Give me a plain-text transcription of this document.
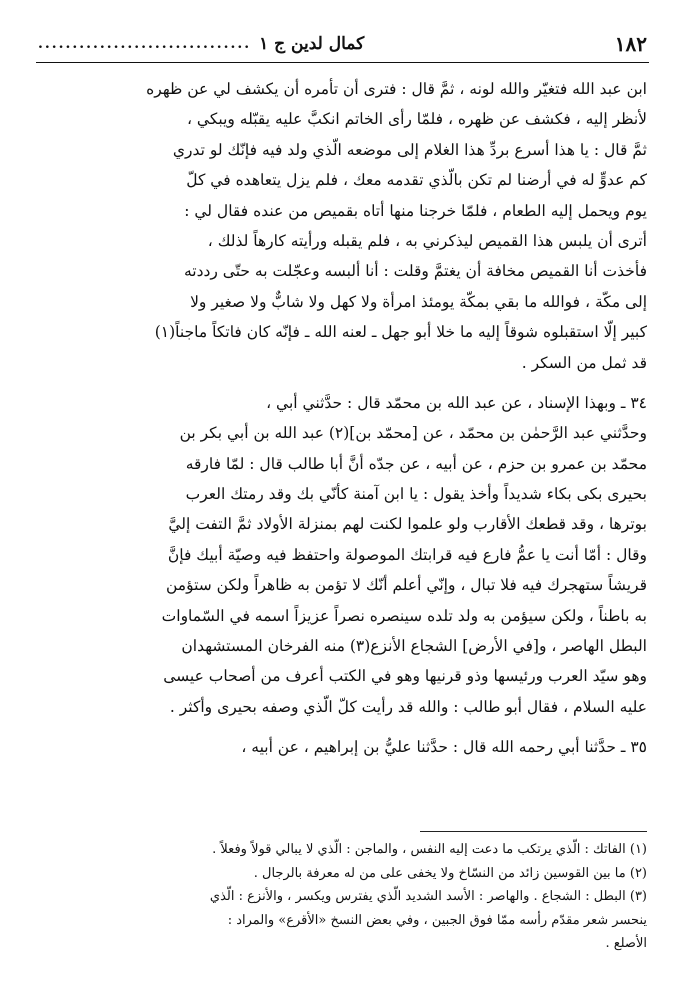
١٨٢
............................... كمال لدين ج ١
ابن عبد الله فتغيّر والله لونه ، ثمَّ قال : فترى أن تأمره أن يكشف لي عن ظهره
لأنظر إليه ، فكشف عن ظهره ، فلمّا رأى الخاتم انكبَّ عليه يقبّله ويبكي ،
ثمَّ قال : يا هذا أسرع بردِّ هذا الغلام إلى موضعه الّذي ولد فيه فإنّك لو تدري
كم عدوٍّ له في أرضنا لم تكن بالّذي تقدمه معك ، فلم يزل يتعاهده في كلّ
يوم ويحمل إليه الطعام ، فلمّا خرجنا منها أتاه بقميص من عنده فقال لي :
أترى أن يلبس هذا القميص ليذكرني به ، فلم يقبله ورأيته كارهاً لذلك ،
فأخذت أنا القميص مخافة أن يغتمَّ وقلت : أنا ألبسه وعجّلت به حتّى رددته
إلى مكّة ، فوالله ما بقي بمكّة يومئذ امرأة ولا كهل ولا شابٌّ ولا صغير ولا
كبير إلّا استقبلوه شوقاً إليه ما خلا أبو جهل ـ لعنه الله ـ فإنّه كان فاتكاً ماجناً(١)
قد ثمل من السكر .
٣٤ ـ وبهذا الإسناد ، عن عبد الله بن محمّد قال : حدَّثني أبي ،
وحدَّثني عبد الرَّحمٰن بن محمّد ، عن [محمّد بن](٢) عبد الله بن أبي بكر بن
محمّد بن عمرو بن حزم ، عن أبيه ، عن جدّه أنَّ أبا طالب قال : لمّا فارقه
بحيرى بكى بكاء شديداً وأخذ يقول : يا ابن آمنة كأنّي بك وقد رمتك العرب
بوترها ، وقد قطعك الأقارب ولو علموا لكنت لهم بمنزلة الأولاد ثمَّ التفت إليَّ
وقال : أمّا أنت يا عمُّ فارع فيه قرابتك الموصولة واحتفظ فيه وصيّة أبيك فإنَّ
قريشاً ستهجرك فيه فلا تبال ، وإنّي أعلم أنّك لا تؤمن به ظاهراً ولكن ستؤمن
به باطناً ، ولكن سيؤمن به ولد تلده سينصره نصراً عزيزاً اسمه في السّماوات
البطل الهاصر ، و[في الأرض] الشجاع الأنزع(٣) منه الفرخان المستشهدان
وهو سيّد العرب ورئيسها وذو قرنيها وهو في الكتب أعرف من أصحاب عيسى
عليه السلام ، فقال أبو طالب : والله قد رأيت كلّ الّذي وصفه بحيرى وأكثر .
٣٥ ـ حدَّثنا أبي رحمه الله قال : حدَّثنا عليُّ بن إبراهيم ، عن أبيه ،
(١) الفاتك : الّذي يرتكب ما دعت إليه النفس ، والماجن : الّذي لا يبالي قولاً وفعلاً .
(٢) ما بين القوسين زائد من النسّاخ ولا يخفى على من له معرفة بالرجال .
(٣) البطل : الشجاع . والهاصر : الأسد الشديد الّذي يفترس ويكسر ، والأنزع : الّذي
ينحسر شعر مقدّم رأسه ممّا فوق الجبين ، وفي بعض النسخ «الأقرع» والمراد :
الأصلع .
